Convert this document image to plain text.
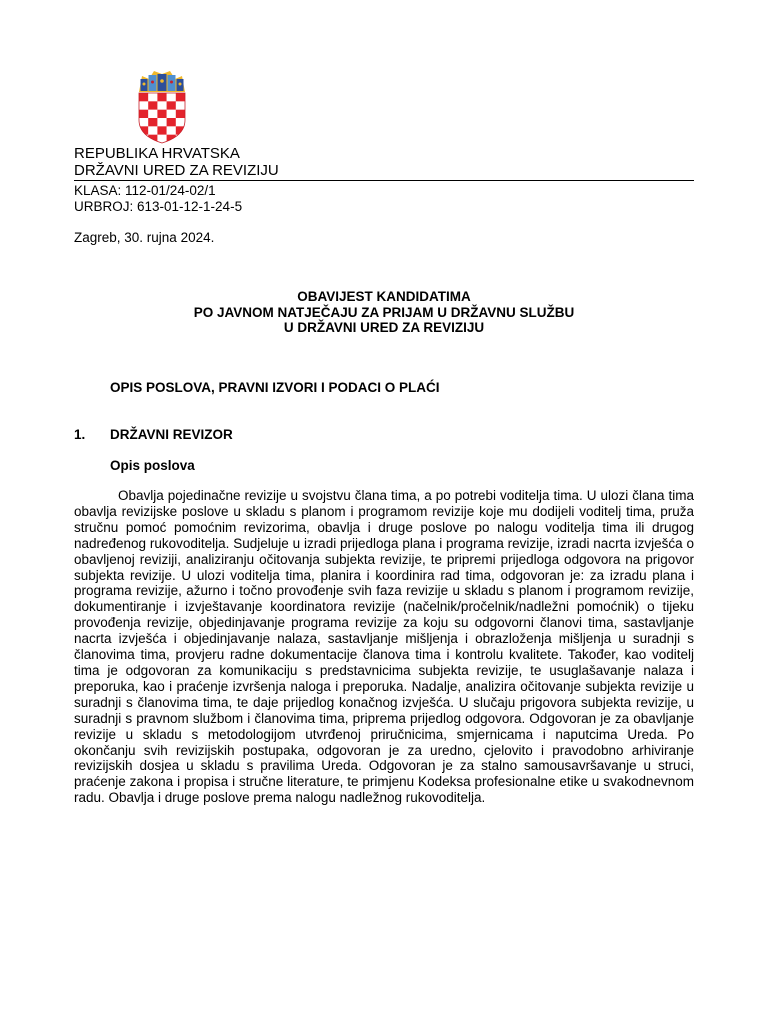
REPUBLIKA HRVATSKA
DRŽAVNI URED ZA REVIZIJU
KLASA: 112-01/24-02/1
URBROJ: 613-01-12-1-24-5
Zagreb, 30. rujna 2024.
OBAVIJEST KANDIDATIMA
PO JAVNOM NATJEČAJU ZA PRIJAM U DRŽAVNU SLUŽBU
U DRŽAVNI URED ZA REVIZIJU
OPIS POSLOVA, PRAVNI IZVORI I PODACI O PLAĆI
1. DRŽAVNI REVIZOR
Opis poslova

Obavlja pojedinačne revizije u svojstvu člana tima, a po potrebi voditelja tima. U ulozi člana tima obavlja revizijske poslove u skladu s planom i programom revizije koje mu dodijeli voditelj tima, pruža stručnu pomoć pomoćnim revizorima, obavlja i druge poslove po nalogu voditelja tima ili drugog nadređenog rukovoditelja. Sudjeluje u izradi prijedloga plana i programa revizije, izradi nacrta izvješća o obavljenoj reviziji, analiziranju očitovanja subjekta revizije, te pripremi prijedloga odgovora na prigovor subjekta revizije. U ulozi voditelja tima, planira i koordinira rad tima, odgovoran je: za izradu plana i programa revizije, ažurno i točno provođenje svih faza revizije u skladu s planom i programom revizije, dokumentiranje i izvještavanje koordinatora revizije (načelnik/pročelnik/nadležni pomoćnik) o tijeku provođenja revizije, objedinjavanje programa revizije za koju su odgovorni članovi tima, sastavljanje nacrta izvješća i objedinjavanje nalaza, sastavljanje mišljenja i obrazloženja mišljenja u suradnji s članovima tima, provjeru radne dokumentacije članova tima i kontrolu kvalitete. Također, kao voditelj tima je odgovoran za komunikaciju s predstavnicima subjekta revizije, te usuglašavanje nalaza i preporuka, kao i praćenje izvršenja naloga i preporuka. Nadalje, analizira očitovanje subjekta revizije u suradnji s članovima tima, te daje prijedlog konačnog izvješća. U slučaju prigovora subjekta revizije, u suradnji s pravnom službom i članovima tima, priprema prijedlog odgovora. Odgovoran je za obavljanje revizije u skladu s metodologijom utvrđenoj priručnicima, smjernicama i naputcima Ureda. Po okončanju svih revizijskih postupaka, odgovoran je za uredno, cjelovito i pravodobno arhiviranje revizijskih dosjea u skladu s pravilima Ureda. Odgovoran je za stalno samousavršavanje u struci, praćenje zakona i propisa i stručne literature, te primjenu Kodeksa profesionalne etike u svakodnevnom radu. Obavlja i druge poslove prema nalogu nadležnog rukovoditelja.
